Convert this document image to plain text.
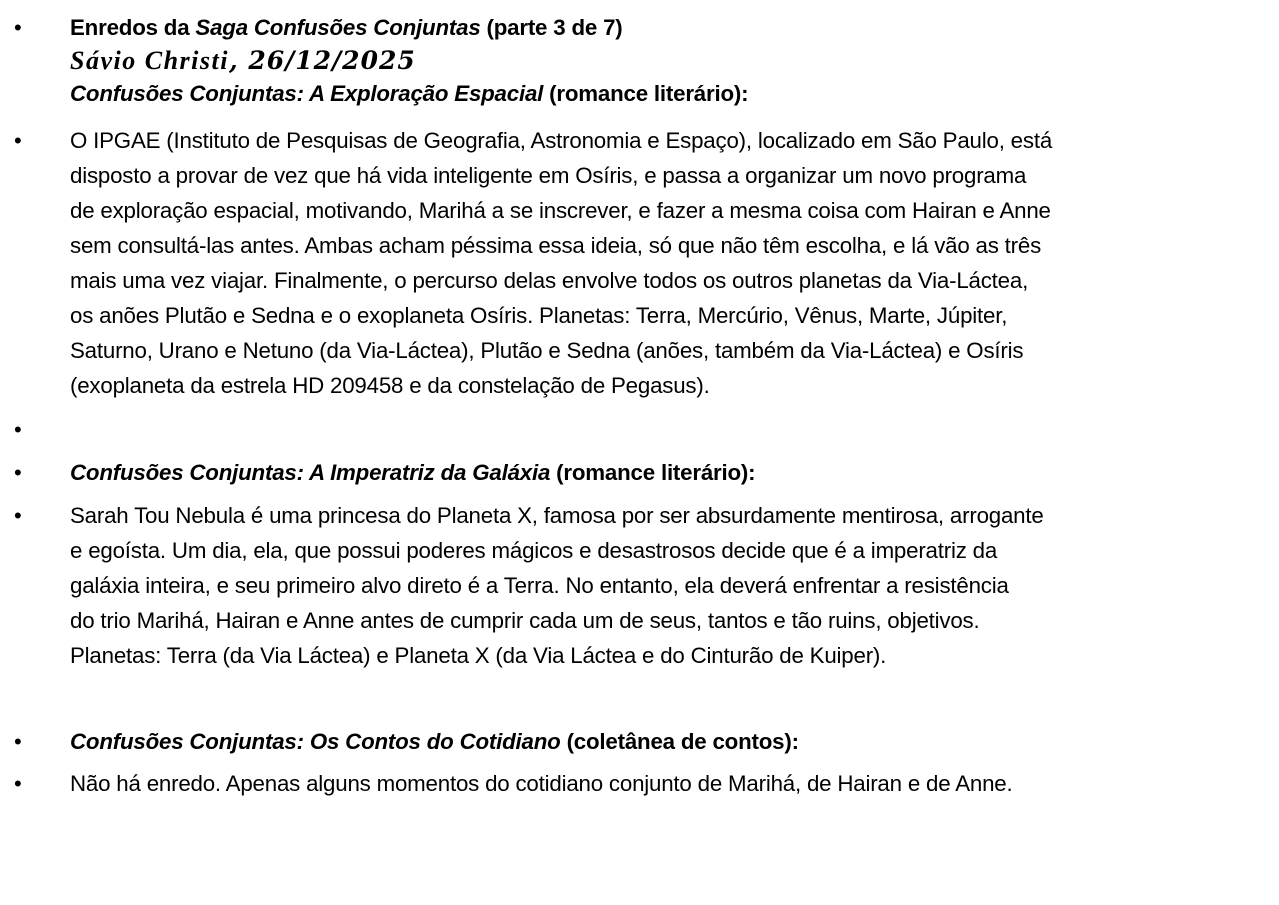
• Enredos da Saga Confusões Conjuntas (parte 3 de 7)
Sávio Christi, 26/12/2025
Confusões Conjuntas: A Exploração Espacial (romance literário):
• O IPGAE (Instituto de Pesquisas de Geografia, Astronomia e Espaço), localizado em São Paulo, está
disposto a provar de vez que há vida inteligente em Osíris, e passa a organizar um novo programa
de exploração espacial, motivando, Marihá a se inscrever, e fazer a mesma coisa com Hairan e Anne
sem consultá-las antes. Ambas acham péssima essa ideia, só que não têm escolha, e lá vão as três
mais uma vez viajar. Finalmente, o percurso delas envolve todos os outros planetas da Via-Láctea,
os anões Plutão e Sedna e o exoplaneta Osíris. Planetas: Terra, Mercúrio, Vênus, Marte, Júpiter,
Saturno, Urano e Netuno (da Via-Láctea), Plutão e Sedna (anões, também da Via-Láctea) e Osíris
(exoplaneta da estrela HD 209458 e da constelação de Pegasus).
•
• Confusões Conjuntas: A Imperatriz da Galáxia (romance literário):
• Sarah Tou Nebula é uma princesa do Planeta X, famosa por ser absurdamente mentirosa, arrogante
e egoísta. Um dia, ela, que possui poderes mágicos e desastrosos decide que é a imperatriz da
galáxia inteira, e seu primeiro alvo direto é a Terra. No entanto, ela deverá enfrentar a resistência
do trio Marihá, Hairan e Anne antes de cumprir cada um de seus, tantos e tão ruins, objetivos.
Planetas: Terra (da Via Láctea) e Planeta X (da Via Láctea e do Cinturão de Kuiper).
• Confusões Conjuntas: Os Contos do Cotidiano (coletânea de contos):
• Não há enredo. Apenas alguns momentos do cotidiano conjunto de Marihá, de Hairan e de Anne.
